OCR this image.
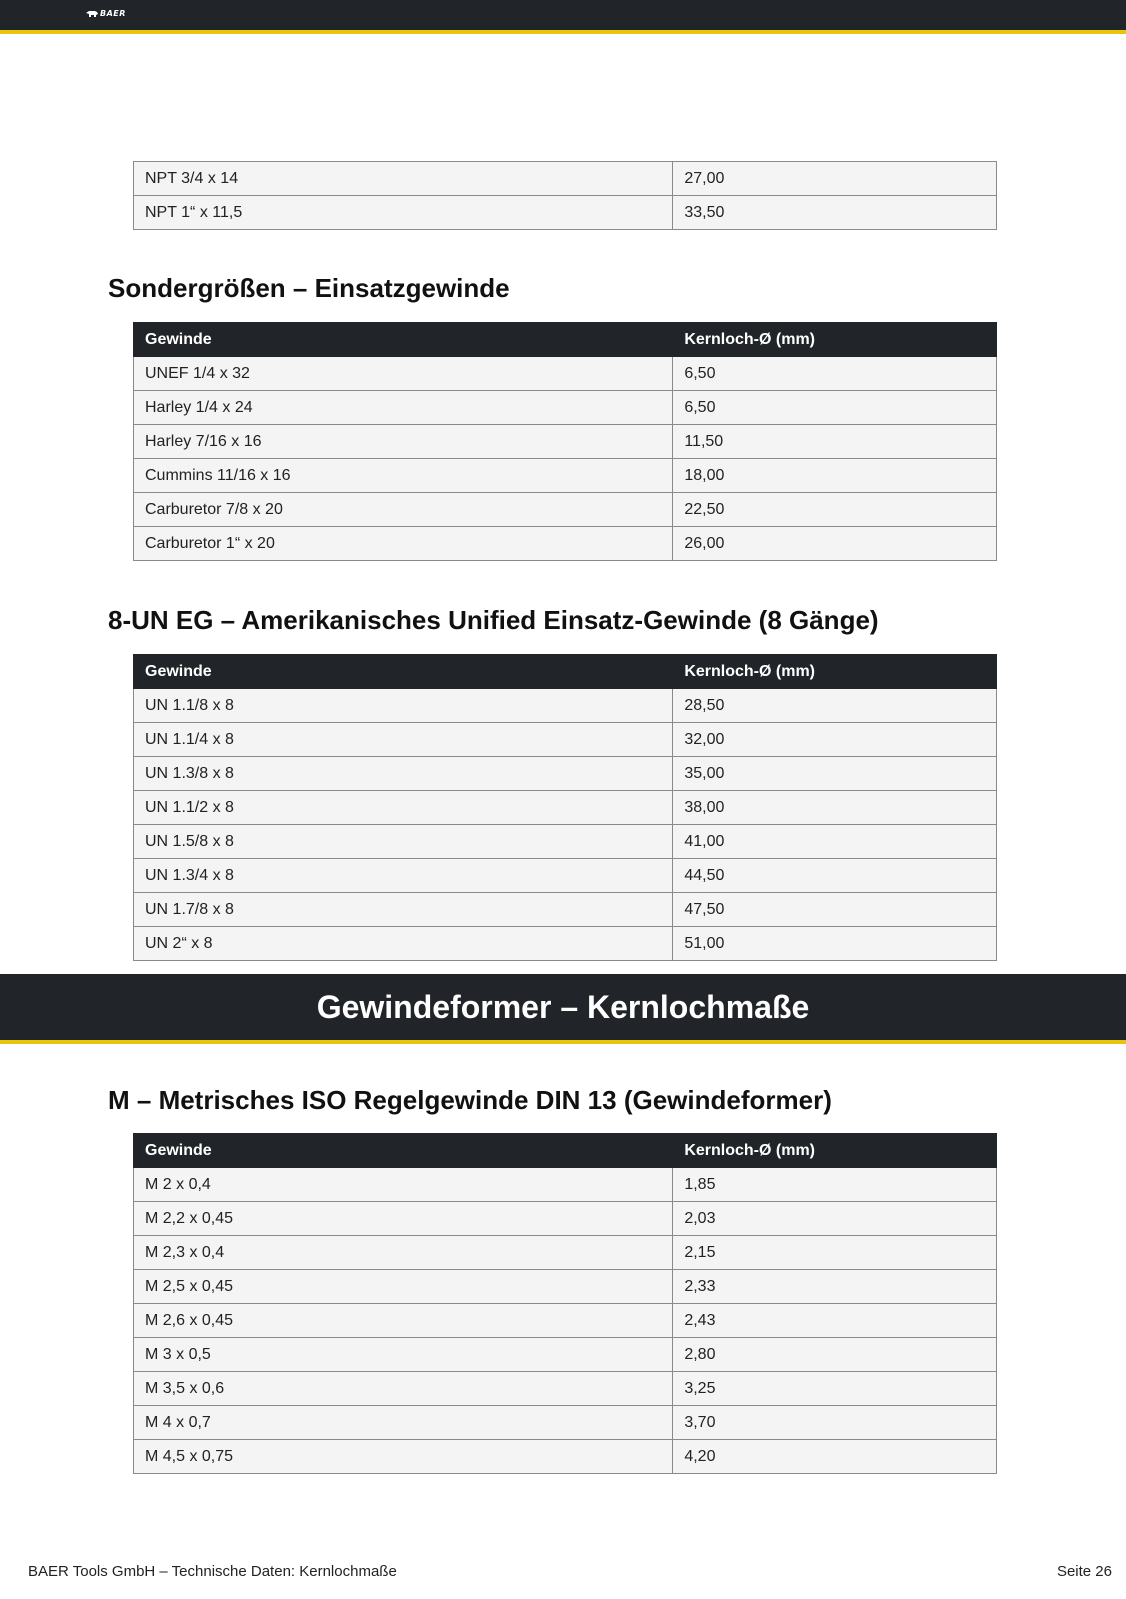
BAER
NPT 3/4 x 14	27,00
NPT 1“ x 11,5	33,50
Sondergrößen – Einsatzgewinde
Gewinde	Kernloch-Ø (mm)
UNEF 1/4 x 32	6,50
Harley 1/4 x 24	6,50
Harley 7/16 x 16	11,50
Cummins 11/16 x 16	18,00
Carburetor 7/8 x 20	22,50
Carburetor 1“ x 20	26,00
8-UN EG – Amerikanisches Unified Einsatz-Gewinde (8 Gänge)
Gewinde	Kernloch-Ø (mm)
UN 1.1/8 x 8	28,50
UN 1.1/4 x 8	32,00
UN 1.3/8 x 8	35,00
UN 1.1/2 x 8	38,00
UN 1.5/8 x 8	41,00
UN 1.3/4 x 8	44,50
UN 1.7/8 x 8	47,50
UN 2“ x 8	51,00
Gewindeformer – Kernlochmaße
M – Metrisches ISO Regelgewinde DIN 13 (Gewindeformer)
Gewinde	Kernloch-Ø (mm)
M 2 x 0,4	1,85
M 2,2 x 0,45	2,03
M 2,3 x 0,4	2,15
M 2,5 x 0,45	2,33
M 2,6 x 0,45	2,43
M 3 x 0,5	2,80
M 3,5 x 0,6	3,25
M 4 x 0,7	3,70
M 4,5 x 0,75	4,20
BAER Tools GmbH – Technische Daten: Kernlochmaße	Seite 26
